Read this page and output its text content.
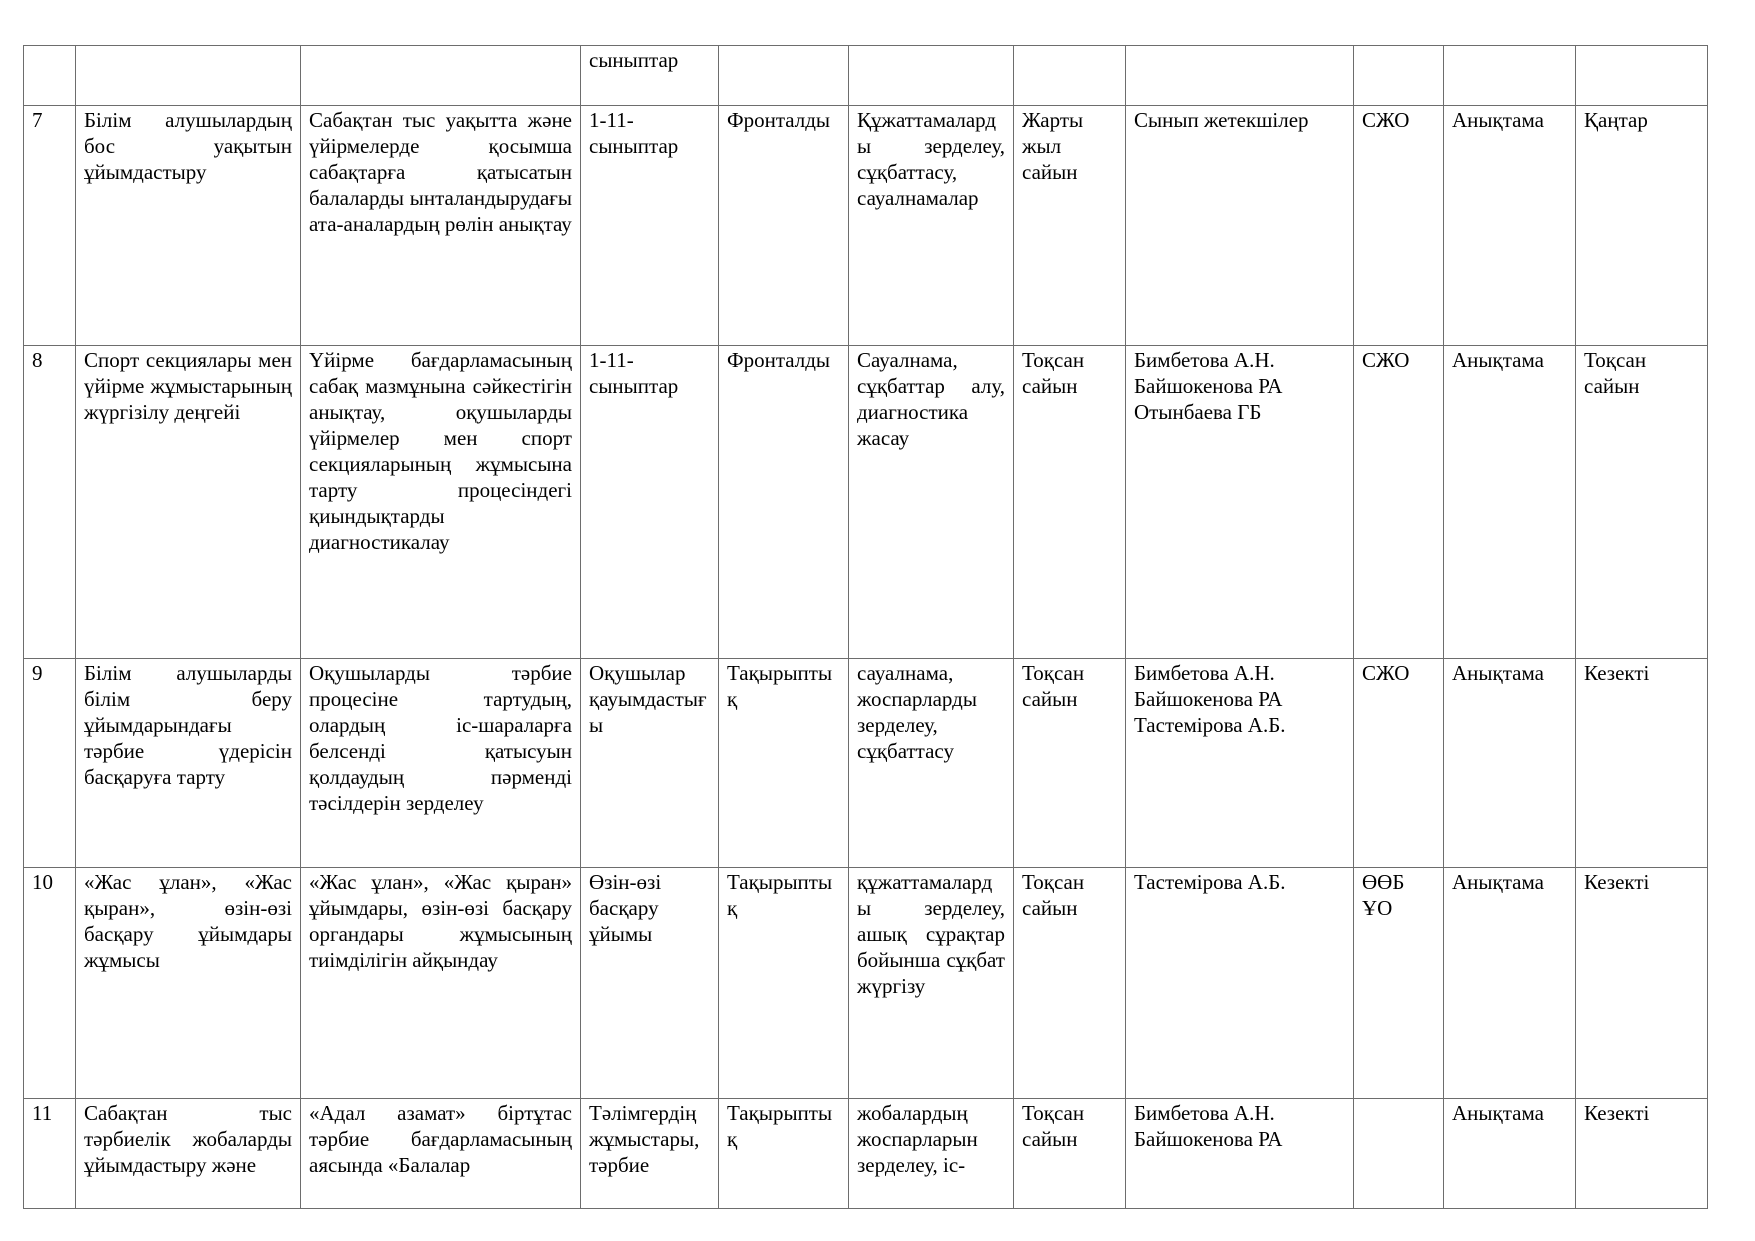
			сыныптар							
7	Білім алушылардың бос уақытын ұйымдастыру	Сабақтан тыс уақытта және үйірмелерде қосымша сабақтарға қатысатын балаларды ынталандырудағы ата-аналардың рөлін анықтау	1-11-сыныптар	Фронталды	Құжаттамаларды зерделеу, сұқбаттасу, сауалнамалар	Жарты жыл сайын	Сынып жетекшілер	СЖО	Анықтама	Қаңтар
8	Спорт секциялары мен үйірме жұмыстарының жүргізілу деңгейі	Үйірме бағдарламасының сабақ мазмұнына сәйкестігін анықтау, оқушыларды үйірмелер мен спорт секцияларының жұмысына тарту процесіндегі қиындықтарды диагностикалау	1-11-сыныптар	Фронталды	Сауалнама, сұқбаттар алу, диагностика жасау	Тоқсан сайын	Бимбетова А.Н. Байшокенова РА Отынбаева ГБ	СЖО	Анықтама	Тоқсан сайын
9	Білім алушыларды білім беру ұйымдарындағы тәрбие үдерісін басқаруға тарту	Оқушыларды тәрбие процесіне тартудың, олардың іс-шараларға белсенді қатысуын қолдаудың пәрменді тәсілдерін зерделеу	Оқушылар қауымдастығы	Тақырыптық	сауалнама, жоспарларды зерделеу, сұқбаттасу	Тоқсан сайын	Бимбетова А.Н. Байшокенова РА Тастемірова А.Б.	СЖО	Анықтама	Кезекті
10	«Жас ұлан», «Жас қыран», өзін-өзі басқару ұйымдары жұмысы	«Жас ұлан», «Жас қыран» ұйымдары, өзін-өзі басқару органдары жұмысының тиімділігін айқындау	Өзін-өзі басқару ұйымы	Тақырыптық	құжаттамаларды зерделеу, ашық сұрақтар бойынша сұқбат жүргізу	Тоқсан сайын	Тастемірова А.Б.	ӨӨБ ҰО	Анықтама	Кезекті
11	Сабақтан тыс тәрбиелік жобаларды ұйымдастыру және	«Адал азамат» біртұтас тәрбие бағдарламасының аясында «Балалар	Тәлімгердің жұмыстары, тәрбие	Тақырыптық	жобалардың жоспарларын зерделеу, іс-	Тоқсан сайын	Бимбетова А.Н. Байшокенова РА		Анықтама	Кезекті
